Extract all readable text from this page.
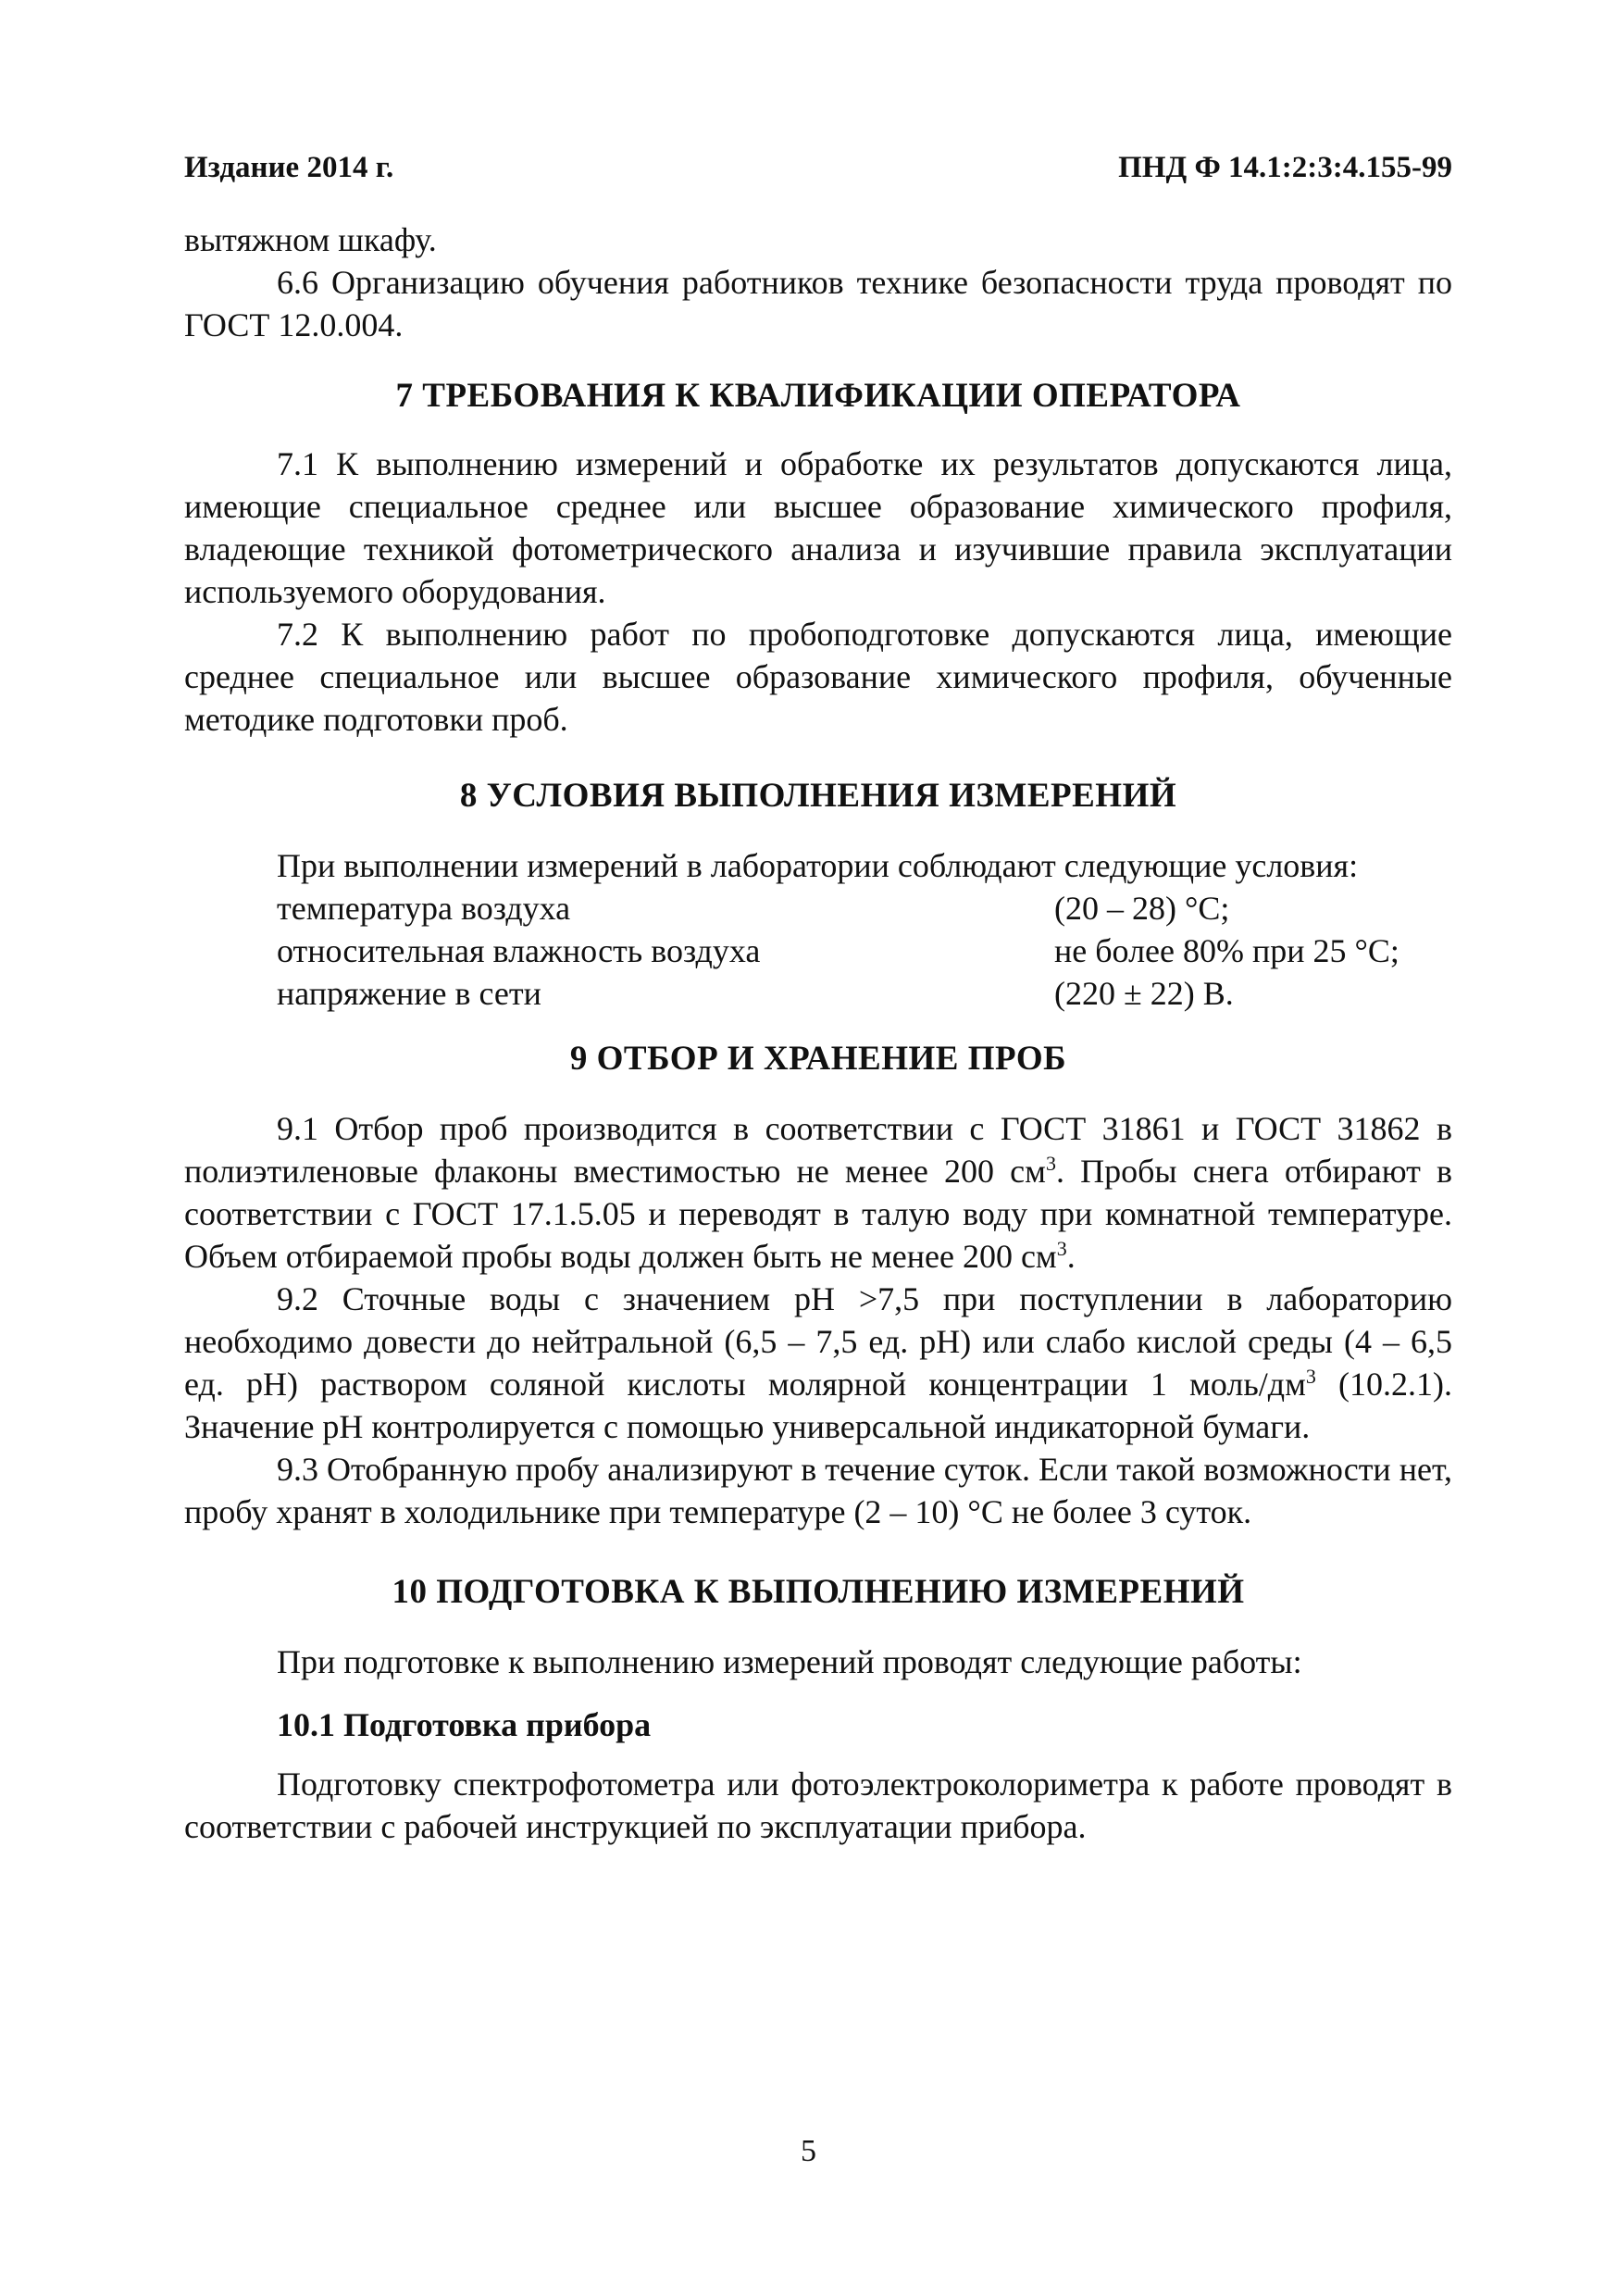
Издание 2014 г.	ПНД Ф 14.1:2:3:4.155-99

вытяжном шкафу.

6.6 Организацию обучения работников технике безопасности труда проводят по ГОСТ 12.0.004.

7 ТРЕБОВАНИЯ К КВАЛИФИКАЦИИ ОПЕРАТОРА

7.1 К выполнению измерений и обработке их результатов допускаются лица, имеющие специальное среднее или высшее образование химического профиля, владеющие техникой фотометрического анализа и изучившие правила эксплуатации используемого оборудования.

7.2 К выполнению работ по пробоподготовке допускаются лица, имеющие среднее специальное или высшее образование химического профиля, обученные методике подготовки проб.

8 УСЛОВИЯ ВЫПОЛНЕНИЯ ИЗМЕРЕНИЙ

При выполнении измерений в лаборатории соблюдают следующие условия:

температура воздуха	(20 – 28) °С;
относительная влажность воздуха	не более 80% при 25 °С;
напряжение в сети	(220 ± 22) В.
9 ОТБОР И ХРАНЕНИЕ ПРОБ

9.1 Отбор проб производится в соответствии с ГОСТ 31861 и ГОСТ 31862 в полиэтиленовые флаконы вместимостью не менее 200 $см^3$. Пробы снега отбирают в соответствии с ГОСТ 17.1.5.05 и переводят в талую воду при комнатной температуре. Объем отбираемой пробы воды должен быть не менее 200 $см^3$.

9.2 Сточные воды с значением рН >7,5 при поступлении в лабораторию необходимо довести до нейтральной (6,5 – 7,5 ед. рН) или слабо кислой среды (4 – 6,5 ед. рН) раствором соляной кислоты молярной концентрации 1 моль/$дм^3$ (10.2.1). Значение рН контролируется с помощью универсальной индикаторной бумаги.

9.3 Отобранную пробу анализируют в течение суток. Если такой возможности нет, пробу хранят в холодильнике при температуре (2 – 10) °С не более 3 суток.

10 ПОДГОТОВКА К ВЫПОЛНЕНИЮ ИЗМЕРЕНИЙ

При подготовке к выполнению измерений проводят следующие работы:

10.1 Подготовка прибора

Подготовку спектрофотометра или фотоэлектроколориметра к работе проводят в соответствии с рабочей инструкцией по эксплуатации прибора.

5
